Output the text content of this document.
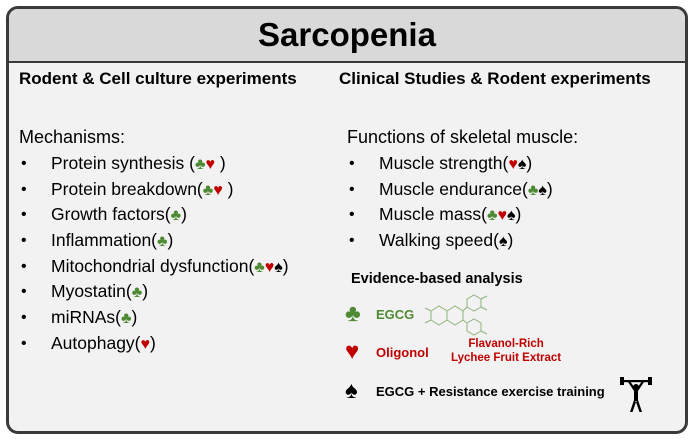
Sarcopenia
Rodent & Cell culture experiments Clinical Studies & Rodent experiments
Mechanisms:
• Protein synthesis (♣♥ )
• Protein breakdown(♣♥ )
• Growth factors(♣)
• Inflammation(♣)
• Mitochondrial dysfunction(♣♥♠)
• Myostatin(♣)
• miRNAs(♣)
• Autophagy(♥)
Functions of skeletal muscle:
• Muscle strength(♥♠)
• Muscle endurance(♣♠)
• Muscle mass(♣♥♠)
• Walking speed(♠)
Evidence-based analysis
♣ EGCG
♥ Oligonol
Flavanol-Rich
Lychee Fruit Extract
♠ EGCG + Resistance exercise training
